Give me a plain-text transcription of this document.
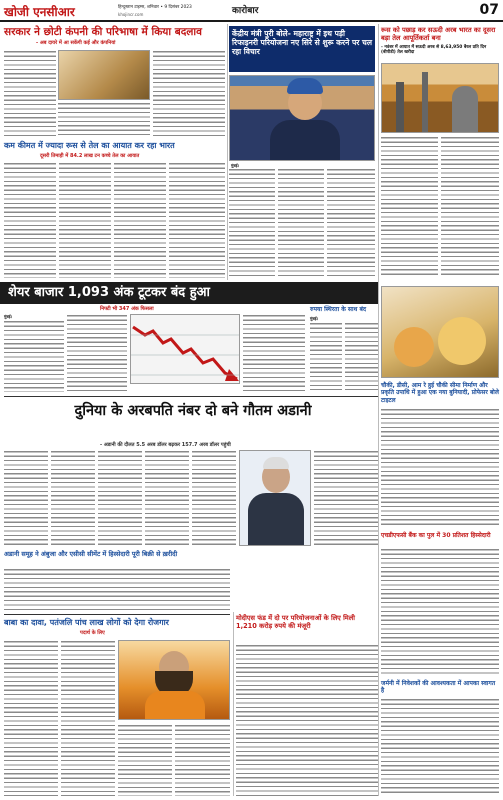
खोजी एनसीआर	हिन्दुस्तान टाइम्स, शनिवार • 9 दिसंबर 2023
khojincr.com	कारोबार	07
सरकार ने छोटी कंपनी की परिभाषा में किया बदलाव
- अब दायरे में आ सकेंगी कई और कंपनियां
केंद्रीय मंत्री पुरी बोले- महाराष्ट्र में इथ पड़ी रिफाइनरी परियोजना नए सिरे से शुरू करने पर चल रहा विचार
मुंबई।
रूस को पछाड़ कर सऊदी अरब भारत का दूसरा बड़ा तेल आपूर्तिकर्ता बना
- नवंबर में आयात में सऊदी अरब से 8,63,950 बैरल प्रति दिन (बीपीडी) तेल खरीदा
कम कीमत में ज्यादा रूस से तेल का आयात कर रहा भारत
दूसरी तिमाही में 84.2 लाख टन कच्चे तेल का आयात
शेयर बाजार 1,093 अंक टूटकर बंद हुआ
निफ्टी भी 347 अंक फिसला
मुंबई।
रुपया स्थिरता के साथ बंद
मुंबई।
दुनिया के अरबपति नंबर दो बने गौतम अडानी
- अडानी की दौलत 5.5 अरब डॉलर बढ़कर 157.7 अरब डॉलर पहुंची
अडानी समूह ने अंबुजा और एसीसी सीमेंट में हिस्सेदारी पूरी बिक्री से ख़रीदी
चौकी, डीसी, आम रे हुई चौकी सीमा निर्माण और प्रकृति उपाधि में हुआ एक नया बुनियादी, प्रोफेसर बोले टाइटल
एचडीएफसी बैंक का पुल में 30 प्रतिशत हिस्सेदारी
बाबा का दावा, पतंजलि पांच लाख लोगों को देगा रोजगार
पदार्थ के लिए
मोदीएस फंड में दो पर परियोजनाओं के लिए मिली 1,210 करोड़ रुपये की मंजूरी
जर्मनी में निवेशकों की आवश्यकता में आपका स्वागत है
